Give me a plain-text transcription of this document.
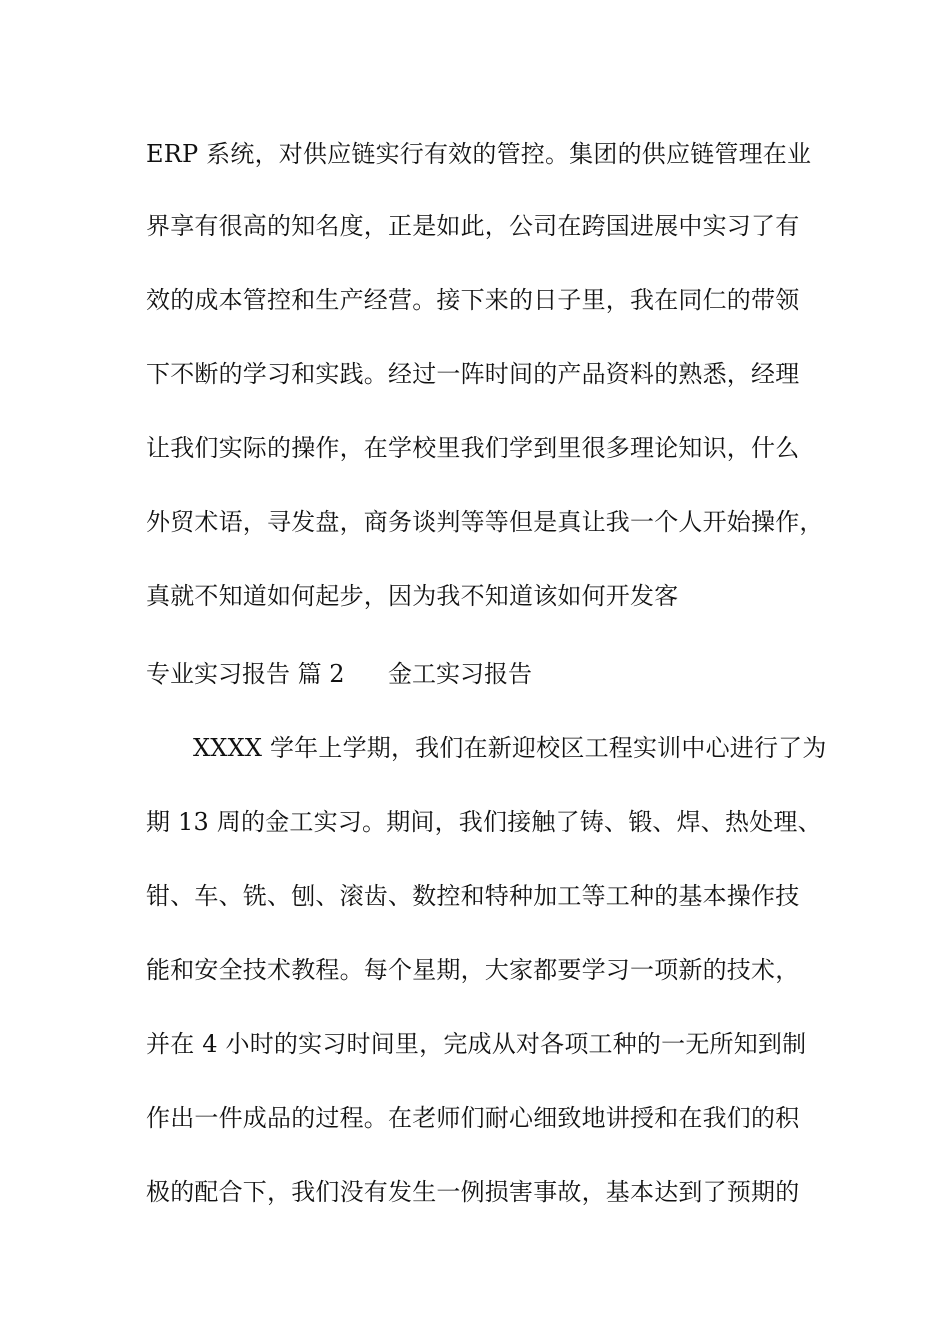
ERP 系统，对供应链实行有效的管控。集团的供应链管理在业
界享有很高的知名度，正是如此，公司在跨国进展中实习了有
效的成本管控和生产经营。接下来的日子里，我在同仁的带领
下不断的学习和实践。经过一阵时间的产品资料的熟悉，经理
让我们实际的操作，在学校里我们学到里很多理论知识，什么
外贸术语，寻发盘，商务谈判等等但是真让我一个人开始操作，
真就不知道如何起步，因为我不知道该如何开发客
专业实习报告 篇 2 金工实习报告
XXXX 学年上学期，我们在新迎校区工程实训中心进行了为
期 13 周的金工实习。期间，我们接触了铸、锻、焊、热处理、
钳、车、铣、刨、滚齿、数控和特种加工等工种的基本操作技
能和安全技术教程。每个星期，大家都要学习一项新的技术，
并在 4 小时的实习时间里，完成从对各项工种的一无所知到制
作出一件成品的过程。在老师们耐心细致地讲授和在我们的积
极的配合下，我们没有发生一例损害事故，基本达到了预期的
